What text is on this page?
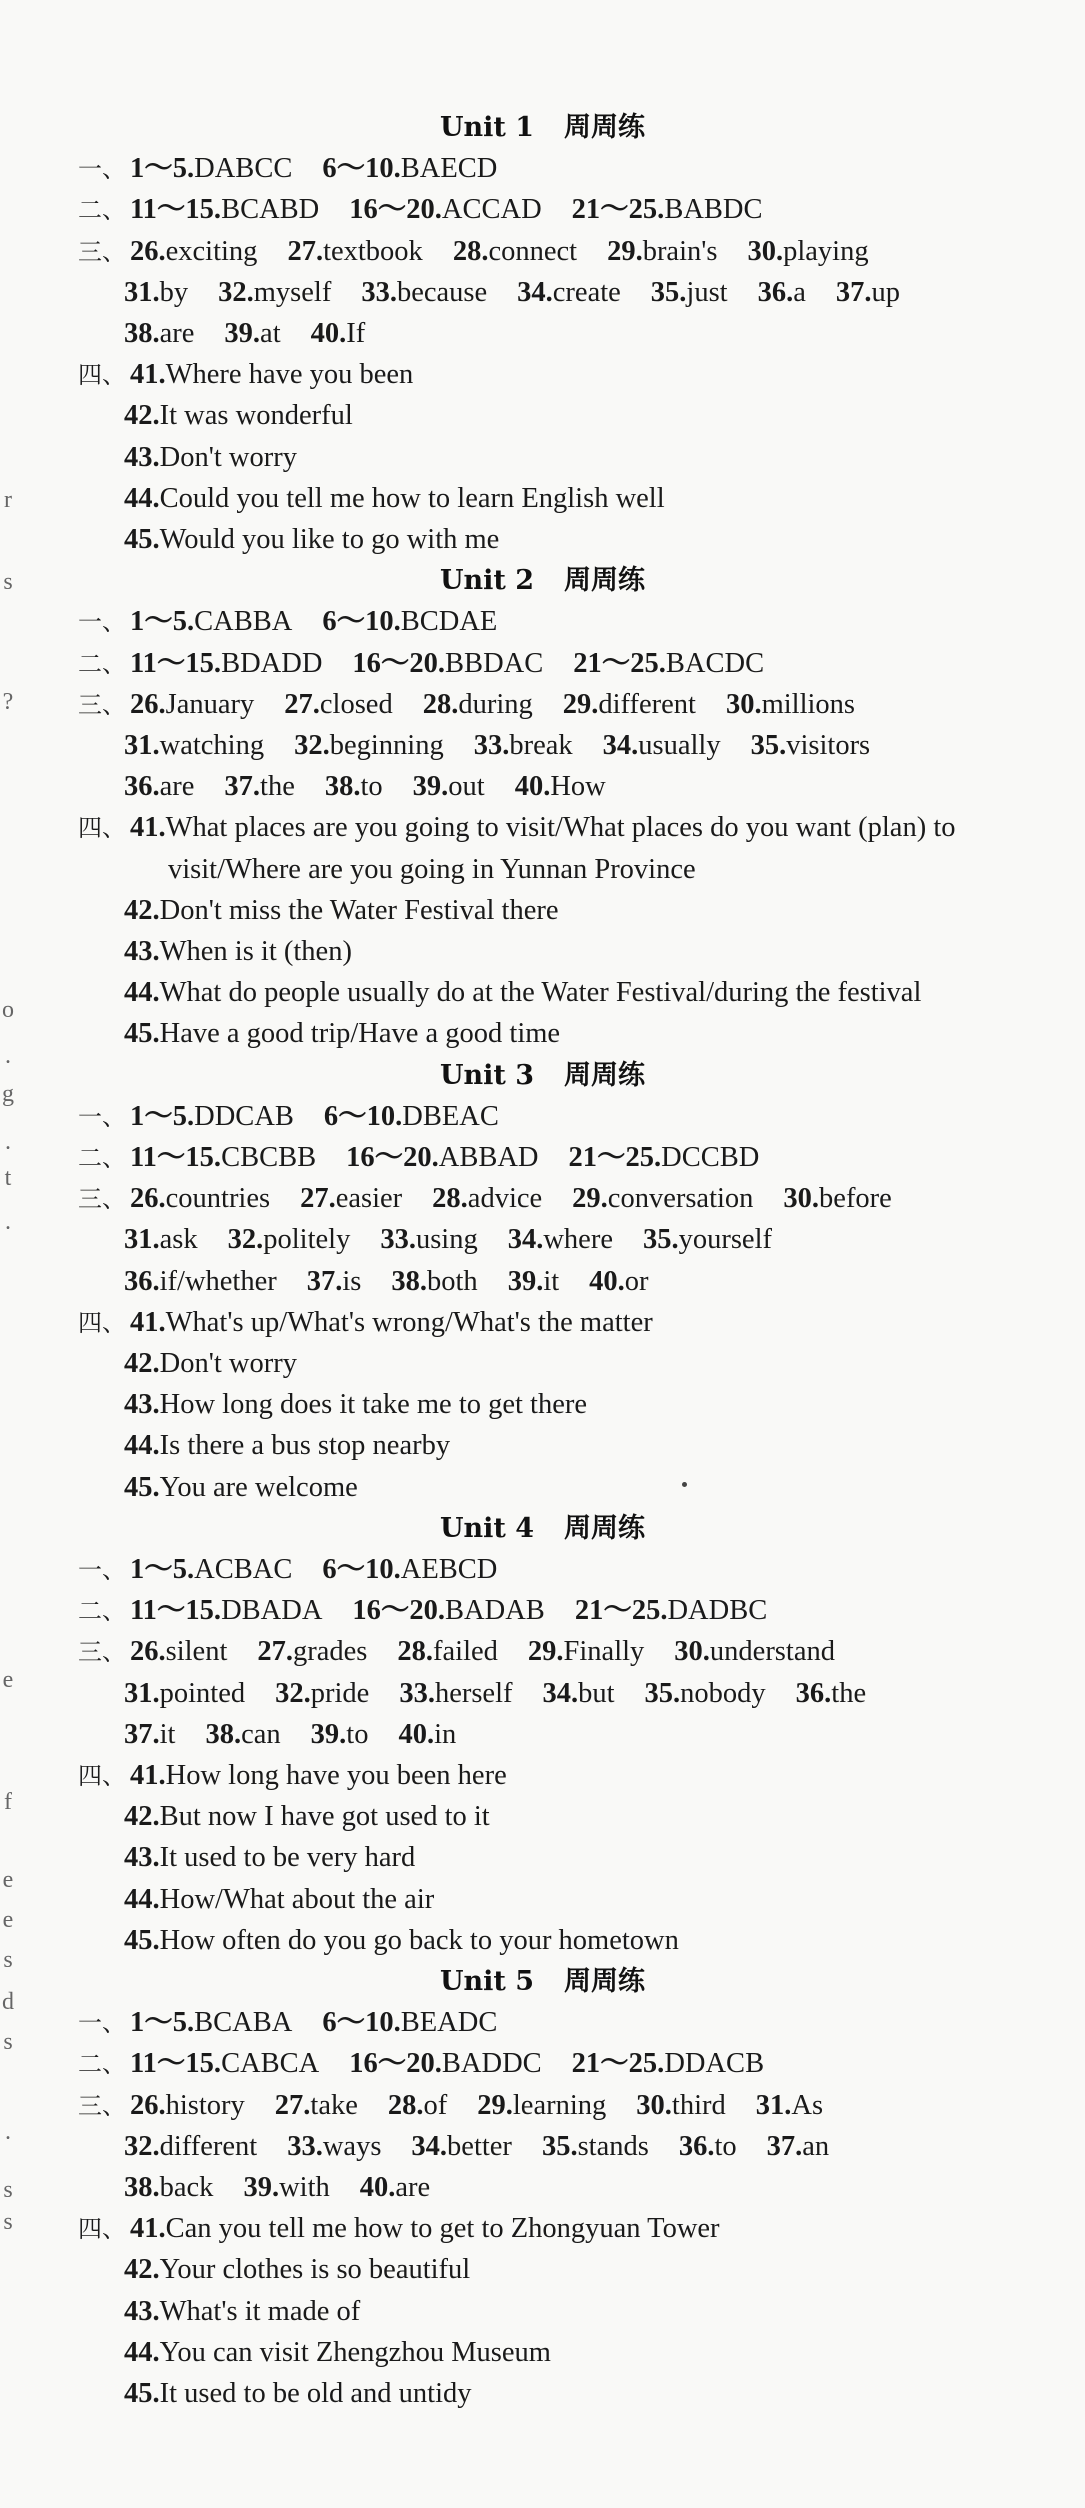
Unit 1 周周练
一、 1～5.DABCC 6～10.BAECD
二、 11～15.BCABD 16～20.ACCAD 21～25.BABDC
三、 26.exciting 27.textbook 28.connect 29.brain's 30.playing
31.by 32.myself 33.because 34.create 35.just 36.a 37.up
38.are 39.at 40.If
四、 41.Where have you been
42.It was wonderful
43.Don't worry
44.Could you tell me how to learn English well
45.Would you like to go with me
Unit 2 周周练
一、 1～5.CABBA 6～10.BCDAE
二、 11～15.BDADD 16～20.BBDAC 21～25.BACDC
三、 26.January 27.closed 28.during 29.different 30.millions
31.watching 32.beginning 33.break 34.usually 35.visitors
36.are 37.the 38.to 39.out 40.How
四、 41.What places are you going to visit/What places do you want (plan) to
visit/Where are you going in Yunnan Province
42.Don't miss the Water Festival there
43.When is it (then)
44.What do people usually do at the Water Festival/during the festival
45.Have a good trip/Have a good time
Unit 3 周周练
一、 1～5.DDCAB 6～10.DBEAC
二、 11～15.CBCBB 16～20.ABBAD 21～25.DCCBD
三、 26.countries 27.easier 28.advice 29.conversation 30.before
31.ask 32.politely 33.using 34.where 35.yourself
36.if/whether 37.is 38.both 39.it 40.or
四、 41.What's up/What's wrong/What's the matter
42.Don't worry
43.How long does it take me to get there
44.Is there a bus stop nearby
45.You are welcome
Unit 4 周周练
一、 1～5.ACBAC 6～10.AEBCD
二、 11～15.DBADA 16～20.BADAB 21～25.DADBC
三、 26.silent 27.grades 28.failed 29.Finally 30.understand
31.pointed 32.pride 33.herself 34.but 35.nobody 36.the
37.it 38.can 39.to 40.in
四、 41.How long have you been here
42.But now I have got used to it
43.It used to be very hard
44.How/What about the air
45.How often do you go back to your hometown
Unit 5 周周练
一、 1～5.BCABA 6～10.BEADC
二、 11～15.CABCA 16～20.BADDC 21～25.DDACB
三、 26.history 27.take 28.of 29.learning 30.third 31.As
32.different 33.ways 34.better 35.stands 36.to 37.an
38.back 39.with 40.are
四、 41.Can you tell me how to get to Zhongyuan Tower
42.Your clothes is so beautiful
43.What's it made of
44.You can visit Zhengzhou Museum
45.It used to be old and untidy
r
s
?
o
.
g
.
t
.
e
f
e
e
s
d
s
.
s
s
